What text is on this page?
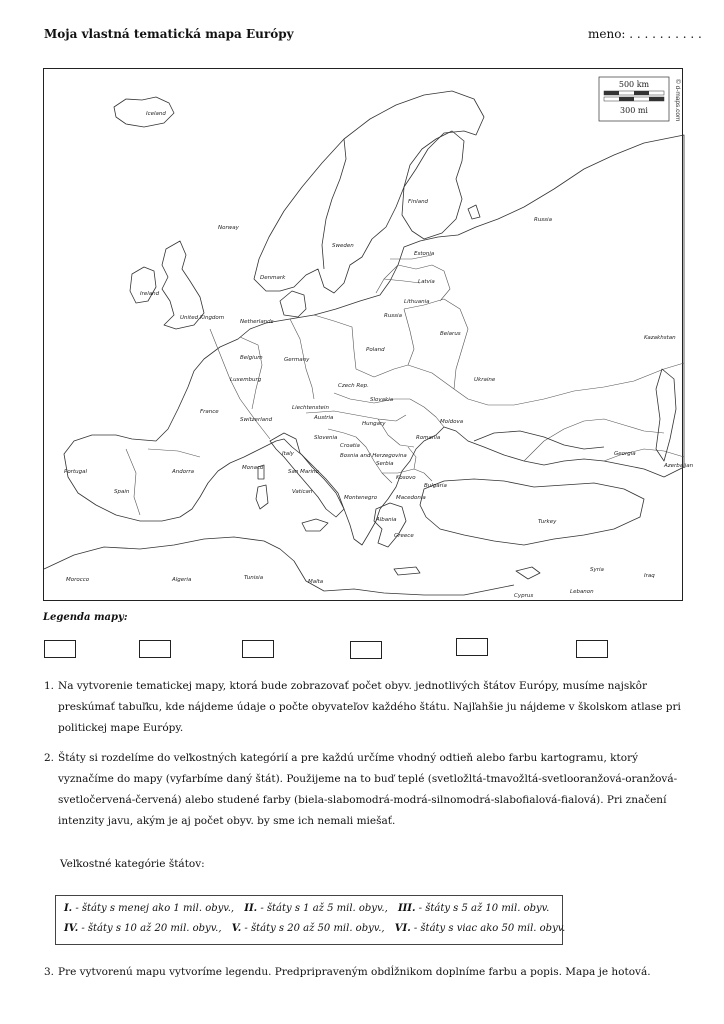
Moja vlastná tematická mapa Európy	meno: . . . . . . . . . .
500 km
300 mi	© d-maps.com
Iceland
Norway
Sweden
Finland
Russia
Estonia
Latvia
Lithuania
Russia
Denmark
Ireland
United Kingdom
Netherlands
Belgium
Luxemburg
Germany
Poland
Belarus
Ukraine
Czech Rep.
Slovakia
France
Liechtenstein
Switzerland	Austria
Hungary	Moldova
Romania
Slovenia
Croatia
Bosnia and Herzegovina
Serbia
Italy
Monaco
San Marino
Vatican
Andorra
Portugal
Spain
Montenegro
Kosovo
Macedonia
Albania
Bulgaria
Greece
Turkey
Georgia
Azerbaijan
Kazakhstan
Morocco	Algeria	Tunisia
Malta
Cyprus
Syria
Lebanon
Iraq
Legenda mapy:
1. Na vytvorenie tematickej mapy, ktorá bude zobrazovať počet obyv. jednotlivých štátov Európy, musíme najskôr preskúmať tabuľku, kde nájdeme údaje o počte obyvateľov každého štátu. Najľahšie ju nájdeme v školskom atlase pri politickej mape Európy.
2. Štáty si rozdelíme do veľkostných kategórií a pre každú určíme vhodný odtieň alebo farbu kartogramu, ktorý vyznačíme do mapy (vyfarbíme daný štát). Použijeme na to buď teplé (svetložltá-tmavožltá-svetlooranžová-oranžová-svetločervená-červená) alebo studené farby (biela-slabomodrá-modrá-silnomodrá-slabofialová-fialová). Pri značení intenzity javu, akým je aj počet obyv. by sme ich nemali miešať.
Veľkostné kategórie štátov:
I. - štáty s menej ako 1 mil. obyv., II. - štáty s 1 až 5 mil. obyv., III. - štáty s 5 až 10 mil. obyv.
IV. - štáty s 10 až 20 mil. obyv., V. - štáty s 20 až 50 mil. obyv., VI. - štáty s viac ako 50 mil. obyv.
3. Pre vytvorenú mapu vytvoríme legendu. Predpripraveným obdĺžnikom doplníme farbu a popis. Mapa je hotová.
